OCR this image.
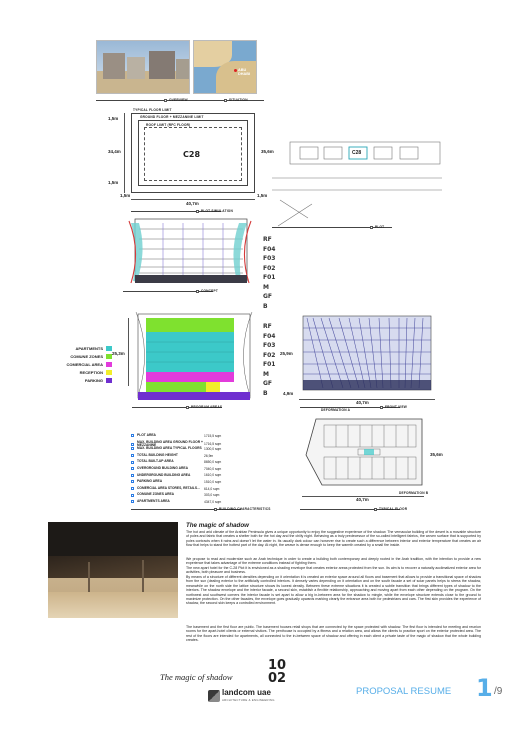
ABU DHABI
OVERVIEW	SITUATION
TYPICAL FLOOR LIMIT
GROUND FLOOR + MEZZANINE LIMIT
ROOF LIMIT (RFC FLOOR)
C28
34,4m	35,6m
1,5m
1,5m
40,7m
1,5m	1,5m
C28
PLOT SIMULATION
PLOT
RF
F04
F03
F02
F01
M
GF
B
CONCEPT
APARTMENTS
COMUNE ZONES
COMERCIAL AREA
RECEPTION
PARKING
25,3m
RF
F04
F03
F02
F01
M
GF
B
25,9m
4,9m
PROGRAM AREAS
40,7m
FRONT VIEW
PLOT AREA	1715,5 sqm
MAX. BUILDING AREA GROUND FLOOR + MEZZANINE	1716,5 sqm
MAX. BUILDING AREA TYPICAL FLOORS 1300,0 sqm
TOTAL BUILDING HEIGHT	26,9m
TOTAL BUILT-UP AREA	8650,0 sqm
OVERGROUND BUILDING AREA	7040,0 sqm
UNDERGROUND BUILDING AREA	1610,0 sqm
PARKING AREA	1510,0 sqm
COMERCIAL AREA STORES, RETAILS...	614,0 sqm
COMUNE ZONES AREA	303,0 sqm
APARTMENTS AREA	4347,0 sqm
BUILDING CHARACTERISTICS
DEFORMATION A
35,6m
DEFORMATION B
40,7m
TYPICAL FLOOR
The magic of shadow
The hot and arid climate of the Arabian Peninsula gives a unique opportunity to enjoy the suggestive experience of the shadow. The vernacular building of the desert is a movable structure of poles and fabric that creates a shelter both for the hot day and the chilly night. Behaving as a truly predecessor of the so-called intelligent fabrics, the woven surface that is supported by poles contracts when it rains and doesn't let the water in. Its usually dark colour can however rise to create such a difference between interior and exterior temperature that creates an air flow that helps to stand the hottest part of the day. At night, the weave is dense enough to keep the warmth created by a small fire inside.
We propose to read and modernize such an Arab technique in order to create a building both contemporary and deeply rooted in the Arab tradition, with the intention to provide a new experience that takes advantage of the extreme conditions instead of fighting them.
The new apart hotel for the C-28 Plot it is envisioned as a shading envelope that creates exterior areas protected from the sun. Its aim is to recover a naturally acclimatized exterior area for activities, both pleasure and business.
By means of a structure of different densities depending on it orientation it is created an exterior space around all floors and basement that allows to provide a transitional space of shadow from the sun (dealing exterior to the artificially controlled interiors. It densely varies depending on it orientation and on the south facade a set of solar panels helps to stress the shadow, meanwhile on the north side the lattice structure shows its lowest density. Between these extreme situations it is created a subtle transition that brings different types of shadow to the interiors. The shadow envelope and the interior facade, a second skin, establish a flexible relationship, approaching and moving apart from each other depending on the program. On the northwest and southwest corners the interior facade is set apart to allow a big in-between area for the shadow to mingle, while the envelope structure extends close to the ground to maximize protection. On the other facades, the envelope goes gradually upwards marking clearly the entrance area both for pedestrians and cars. The first skin provides the experience of shadow, the second skin keeps a controlled environment.
The basement and the first floor are public. The basement houses retail shops that are connected by the space protected with shadow. The first floor is intended for meeting and reunion rooms for the apart-hotel clients or external visitors. The penthouse is occupied by a fitness and a relation area, and allows the clients to practice sport on the exterior protected area. The rest of the floors are intended for apartments, all connected to the in-between space of shadow and offering in each client a private taste of the magic of shadow that the whole building creates.
The magic of shadow
10
02
landcom uae
ARCHITECTURE & ENGINEERING
PROPOSAL RESUME 1 /9
